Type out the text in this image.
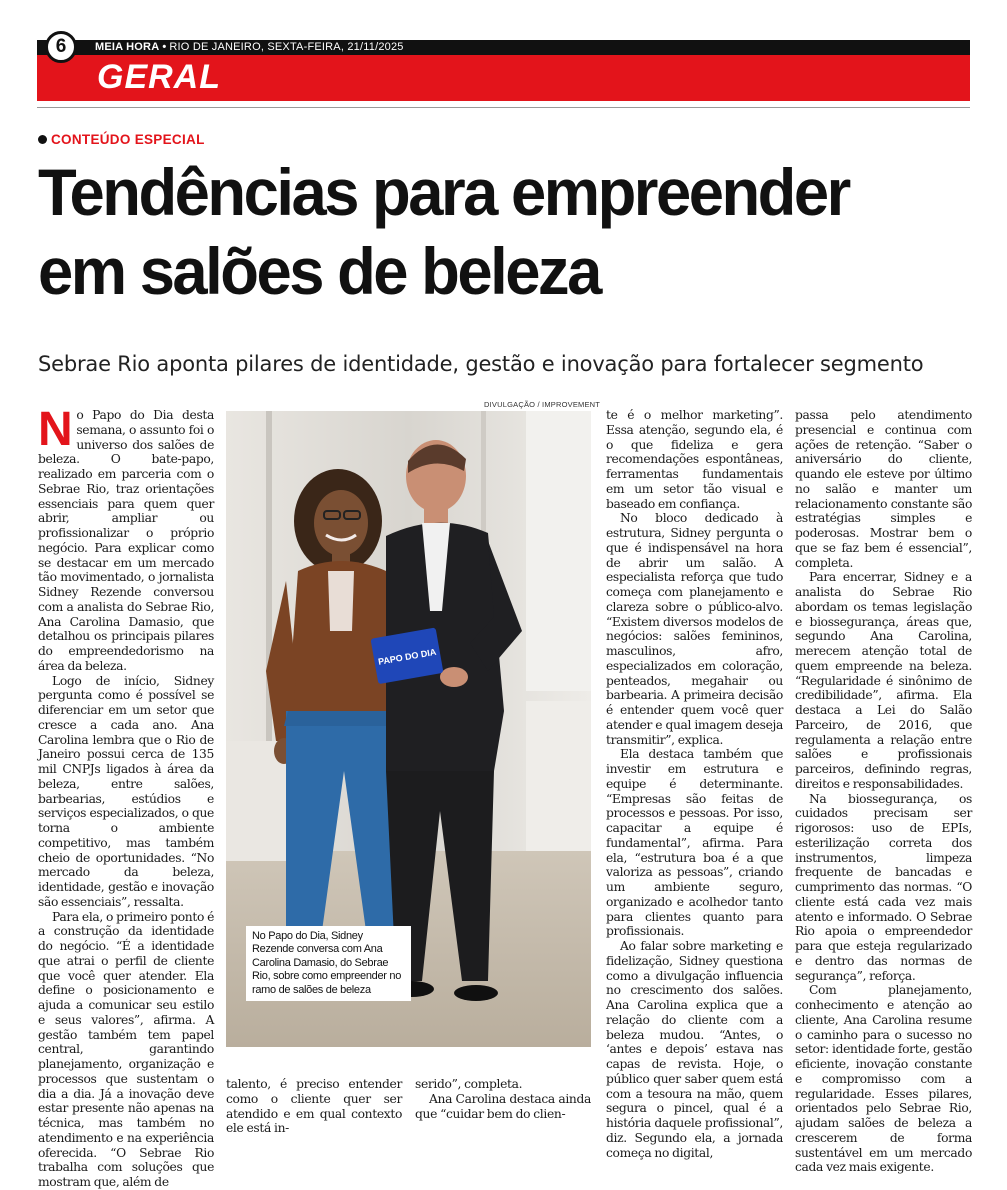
MEIA HORA • RIO DE JANEIRO, SEXTA-FEIRA, 21/11/2025
GERAL
6
CONTEÚDO ESPECIAL
Tendências para empreender
em salões de beleza
Sebrae Rio aponta pilares de identidade, gestão e inovação para fortalecer segmento

No Papo do Dia desta semana, o assunto foi o universo dos salões de beleza. O bate-papo, realizado em parceria com o Sebrae Rio, traz orientações essenciais para quem quer abrir, ampliar ou profissionalizar o próprio negócio. Para explicar como se destacar em um mercado tão movimentado, o jornalista Sidney Rezende conversou com a analista do Sebrae Rio, Ana Carolina Damasio, que detalhou os principais pilares do empreendedorismo na área da beleza.

Logo de início, Sidney pergunta como é possível se diferenciar em um setor que cresce a cada ano. Ana Carolina lembra que o Rio de Janeiro possui cerca de 135 mil CNPJs ligados à área da beleza, entre salões, barbearias, estúdios e serviços especializados, o que torna o ambiente competitivo, mas também cheio de oportunidades. “No mercado da beleza, identidade, gestão e inovação são essenciais”, ressalta.

Para ela, o primeiro ponto é a construção da identidade do negócio. “É a identidade que atrai o perfil de cliente que você quer atender. Ela define o posicionamento e ajuda a comunicar seu estilo e seus valores”, afirma. A gestão também tem papel central, garantindo planejamento, organização e processos que sustentam o dia a dia. Já a inovação deve estar presente não apenas na técnica, mas também no atendimento e na experiência oferecida. “O Sebrae Rio trabalha com soluções que mostram que, além de

DIVULGAÇÃO / IMPROVEMENT
PAPO DO DIA
No Papo do Dia, Sidney Rezende conversa com Ana Carolina Damasio, do Sebrae Rio, sobre como empreender no ramo de salões de beleza

talento, é preciso entender como o cliente quer ser atendido e em qual contexto ele está in-

serido”, completa.

Ana Carolina destaca ainda que “cuidar bem do clien-

te é o melhor marketing”. Essa atenção, segundo ela, é o que fideliza e gera recomendações espontâneas, ferramentas fundamentais em um setor tão visual e baseado em confiança.

No bloco dedicado à estrutura, Sidney pergunta o que é indispensável na hora de abrir um salão. A especialista reforça que tudo começa com planejamento e clareza sobre o público-alvo. “Existem diversos modelos de negócios: salões femininos, masculinos, afro, especializados em coloração, penteados, megahair ou barbearia. A primeira decisão é entender quem você quer atender e qual imagem deseja transmitir”, explica.

Ela destaca também que investir em estrutura e equipe é determinante. “Empresas são feitas de processos e pessoas. Por isso, capacitar a equipe é fundamental”, afirma. Para ela, “estrutura boa é a que valoriza as pessoas”, criando um ambiente seguro, organizado e acolhedor tanto para clientes quanto para profissionais.

Ao falar sobre marketing e fidelização, Sidney questiona como a divulgação influencia no crescimento dos salões. Ana Carolina explica que a relação do cliente com a beleza mudou. “Antes, o ‘antes e depois’ estava nas capas de revista. Hoje, o público quer saber quem está com a tesoura na mão, quem segura o pincel, qual é a história daquele profissional”, diz. Segundo ela, a jornada começa no digital,

passa pelo atendimento presencial e continua com ações de retenção. “Saber o aniversário do cliente, quando ele esteve por último no salão e manter um relacionamento constante são estratégias simples e poderosas. Mostrar bem o que se faz bem é essencial”, completa.

Para encerrar, Sidney e a analista do Sebrae Rio abordam os temas legislação e biossegurança, áreas que, segundo Ana Carolina, merecem atenção total de quem empreende na beleza. “Regularidade é sinônimo de credibilidade”, afirma. Ela destaca a Lei do Salão Parceiro, de 2016, que regulamenta a relação entre salões e profissionais parceiros, definindo regras, direitos e responsabilidades.

Na biossegurança, os cuidados precisam ser rigorosos: uso de EPIs, esterilização correta dos instrumentos, limpeza frequente de bancadas e cumprimento das normas. “O cliente está cada vez mais atento e informado. O Sebrae Rio apoia o empreendedor para que esteja regularizado e dentro das normas de segurança”, reforça.

Com planejamento, conhecimento e atenção ao cliente, Ana Carolina resume o caminho para o sucesso no setor: identidade forte, gestão eficiente, inovação constante e compromisso com a regularidade. Esses pilares, orientados pelo Sebrae Rio, ajudam salões de beleza a crescerem de forma sustentável em um mercado cada vez mais exigente.
